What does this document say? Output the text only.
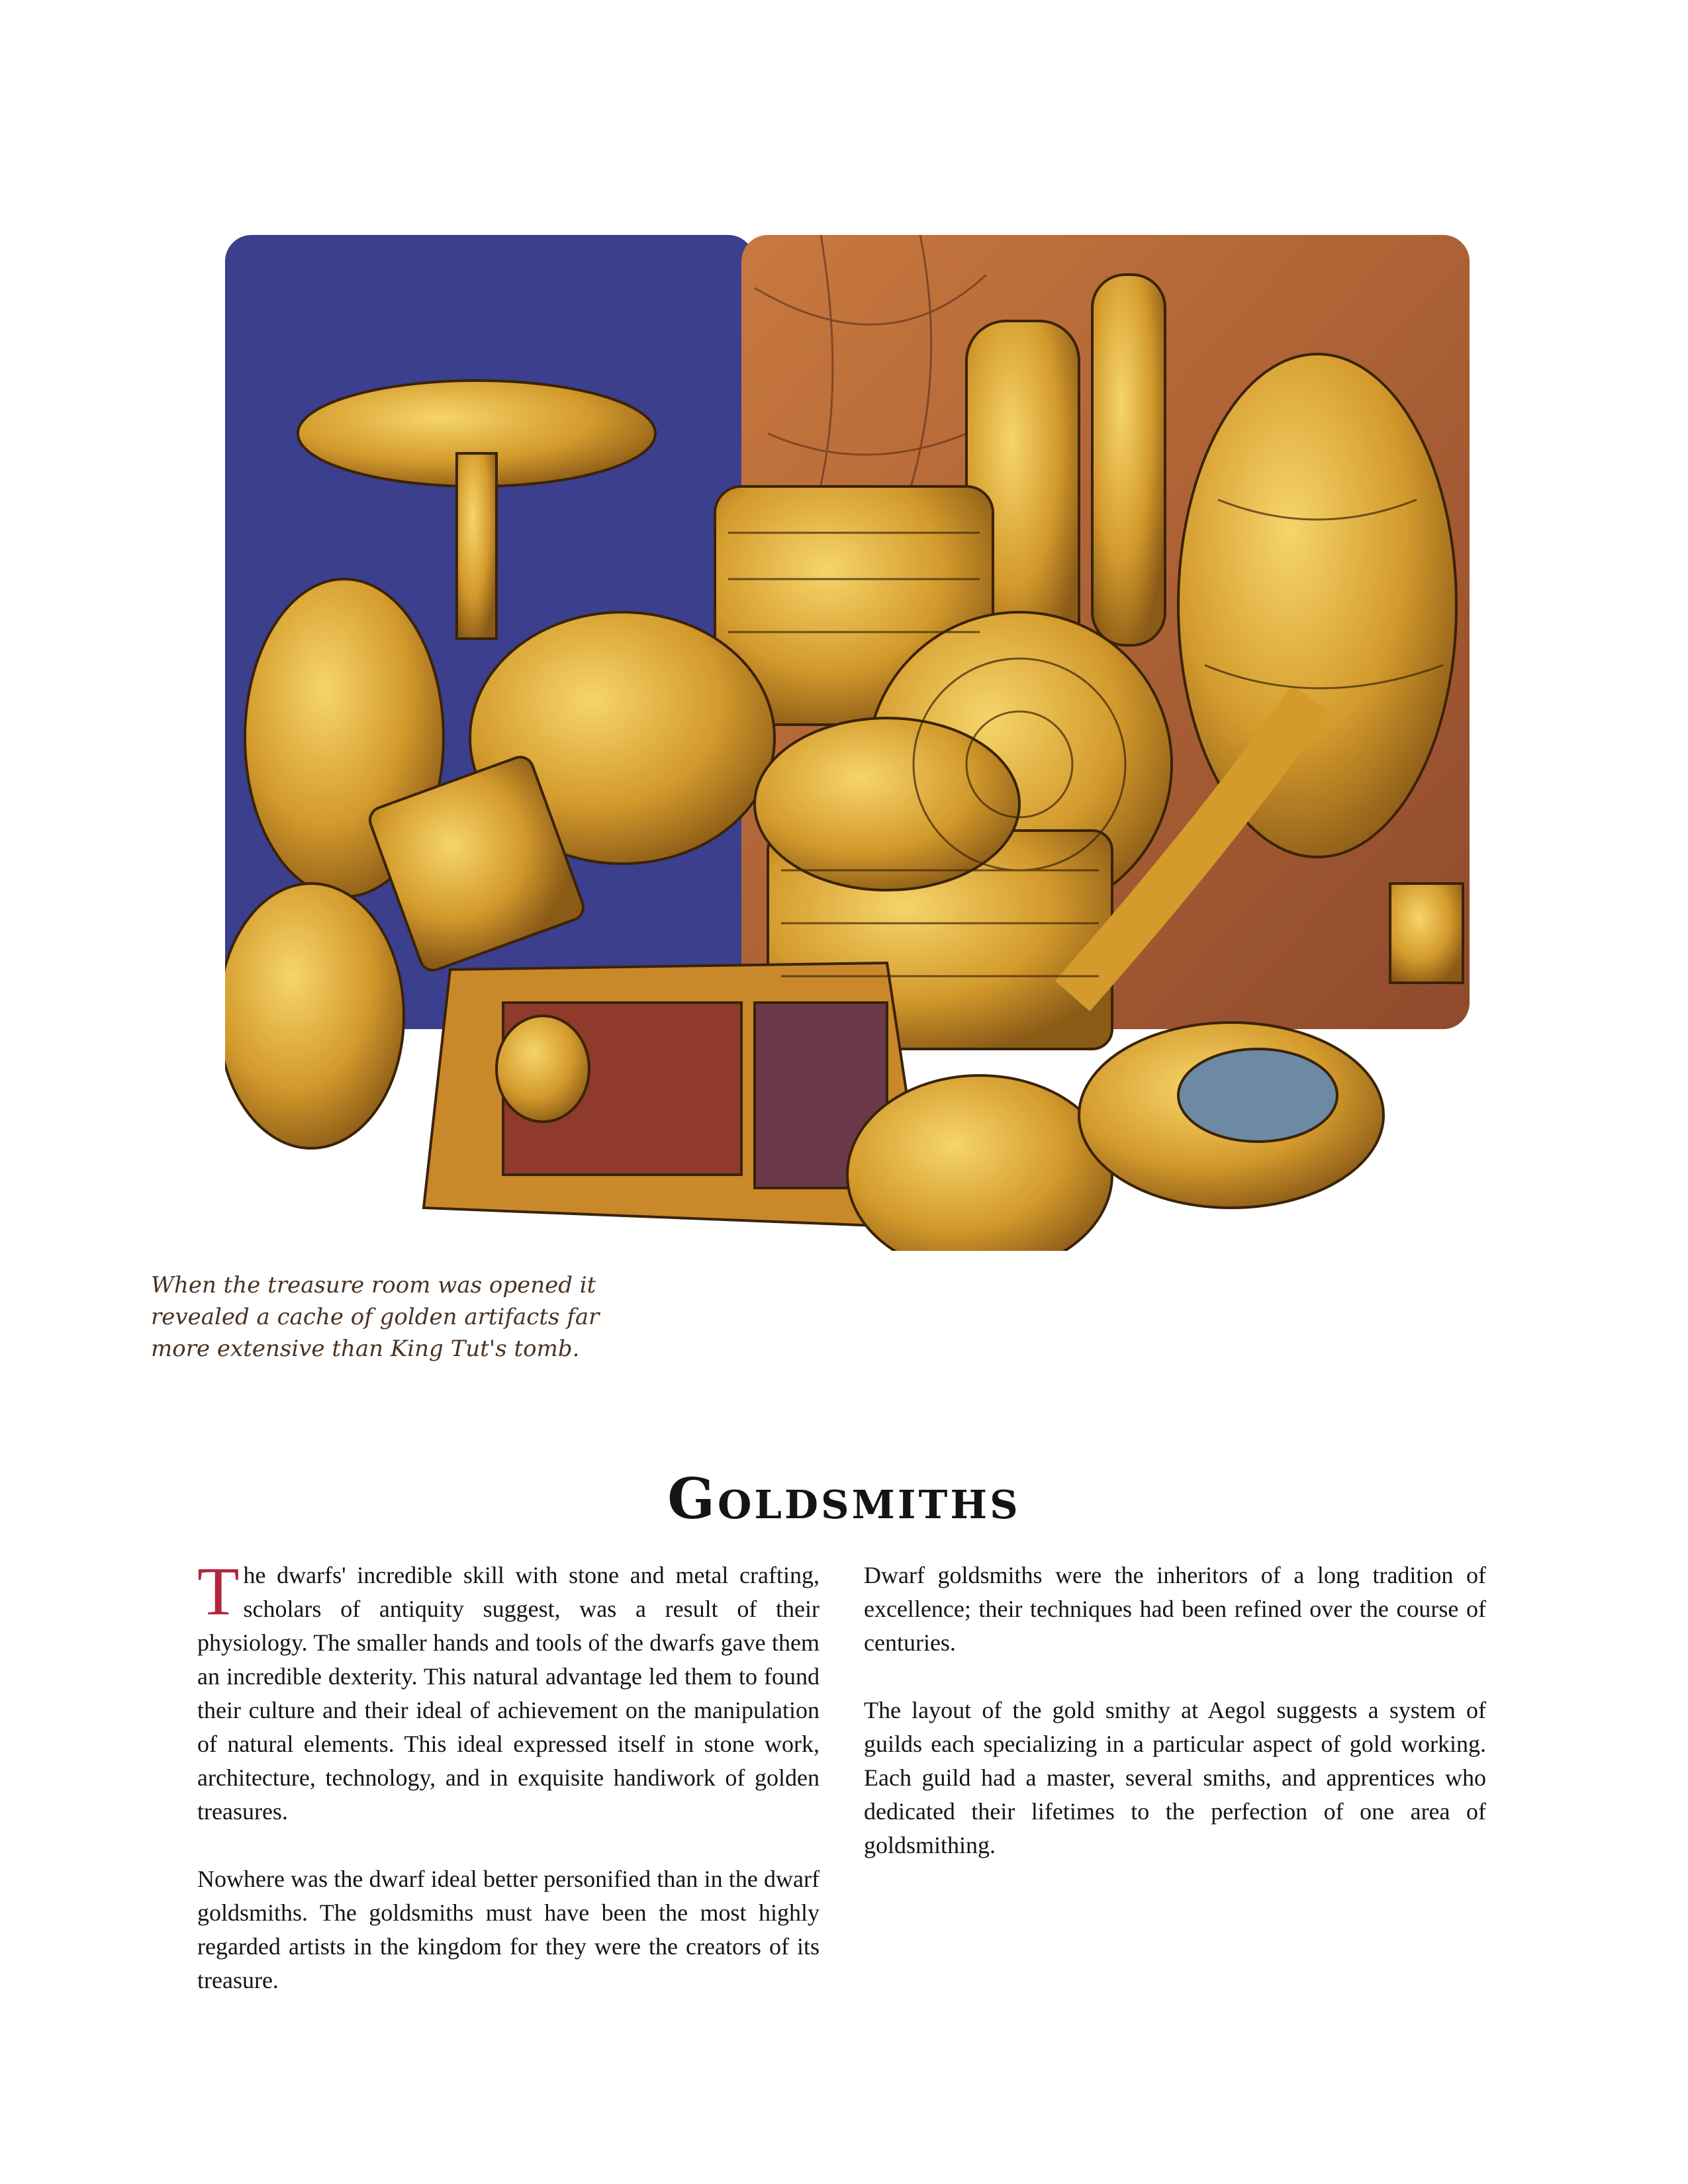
When the treasure room was opened it
revealed a cache of golden artifacts far
more extensive than King Tut's tomb.
Goldsmiths

The dwarfs' incredible skill with stone and metal crafting, scholars of antiquity suggest, was a result of their physiology. The smaller hands and tools of the dwarfs gave them an incredible dexterity. This natural advantage led them to found their culture and their ideal of achievement on the manipulation of natural elements. This ideal expressed itself in stone work, architecture, technology, and in exquisite handiwork of golden treasures.

Nowhere was the dwarf ideal better personified than in the dwarf goldsmiths. The goldsmiths must have been the most highly regarded artists in the kingdom for they were the creators of its treasure.

Dwarf goldsmiths were the inheritors of a long tradition of excellence; their techniques had been refined over the course of centuries.

The layout of the gold smithy at Aegol suggests a system of guilds each specializing in a particular aspect of gold working. Each guild had a master, several smiths, and apprentices who dedicated their lifetimes to the perfection of one area of goldsmithing.
